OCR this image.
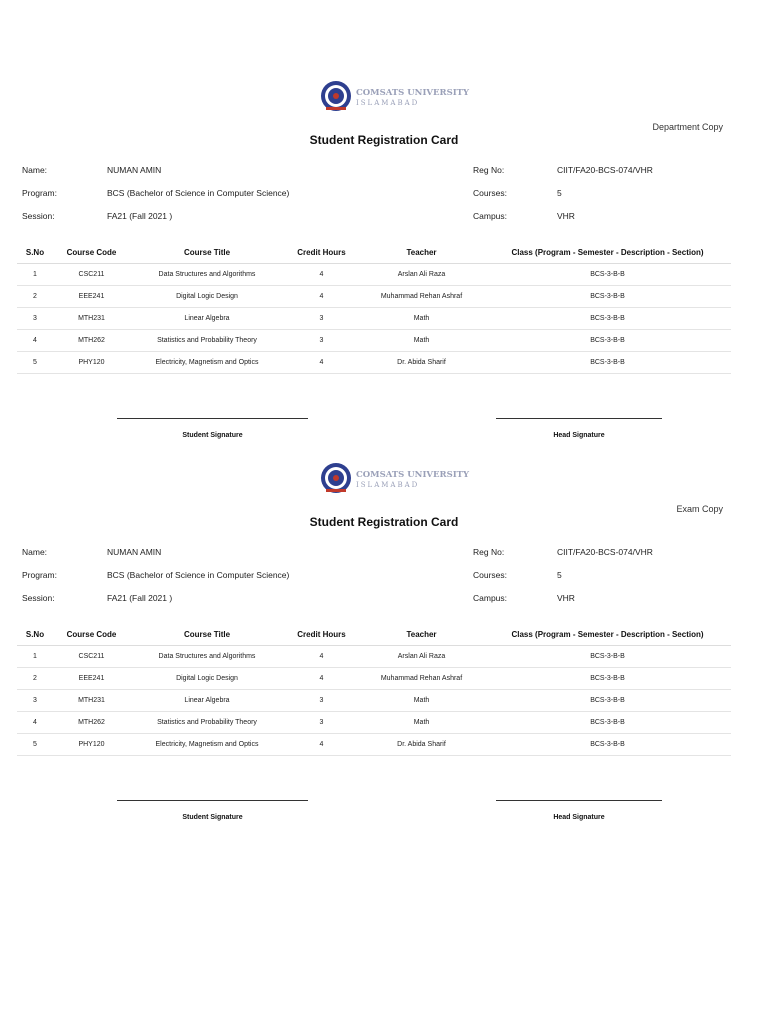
COMSATS UNIVERSITY
ISLAMABAD
Department Copy
Student Registration Card
Name:	NUMAN AMIN
Program:	BCS (Bachelor of Science in Computer Science)
Session:	FA21 (Fall 2021 )
Reg No:	CIIT/FA20-BCS-074/VHR
Courses:	5
Campus:	VHR
S.No	Course Code	Course Title	Credit Hours	Teacher	Class (Program - Semester - Description - Section)
1	CSC211	Data Structures and Algorithms	4	Arslan Ali Raza	BCS-3-B-B
2	EEE241	Digital Logic Design	4	Muhammad Rehan Ashraf	BCS-3-B-B
3	MTH231	Linear Algebra	3	Math	BCS-3-B-B
4	MTH262	Statistics and Probability Theory	3	Math	BCS-3-B-B
5	PHY120	Electricity, Magnetism and Optics	4	Dr. Abida Sharif	BCS-3-B-B
Student Signature	Head Signature
COMSATS UNIVERSITY
ISLAMABAD
Exam Copy
Student Registration Card
Name:	NUMAN AMIN
Program:	BCS (Bachelor of Science in Computer Science)
Session:	FA21 (Fall 2021 )
Reg No:	CIIT/FA20-BCS-074/VHR
Courses:	5
Campus:	VHR
S.No	Course Code	Course Title	Credit Hours	Teacher	Class (Program - Semester - Description - Section)
1	CSC211	Data Structures and Algorithms	4	Arslan Ali Raza	BCS-3-B-B
2	EEE241	Digital Logic Design	4	Muhammad Rehan Ashraf	BCS-3-B-B
3	MTH231	Linear Algebra	3	Math	BCS-3-B-B
4	MTH262	Statistics and Probability Theory	3	Math	BCS-3-B-B
5	PHY120	Electricity, Magnetism and Optics	4	Dr. Abida Sharif	BCS-3-B-B
Student Signature	Head Signature
